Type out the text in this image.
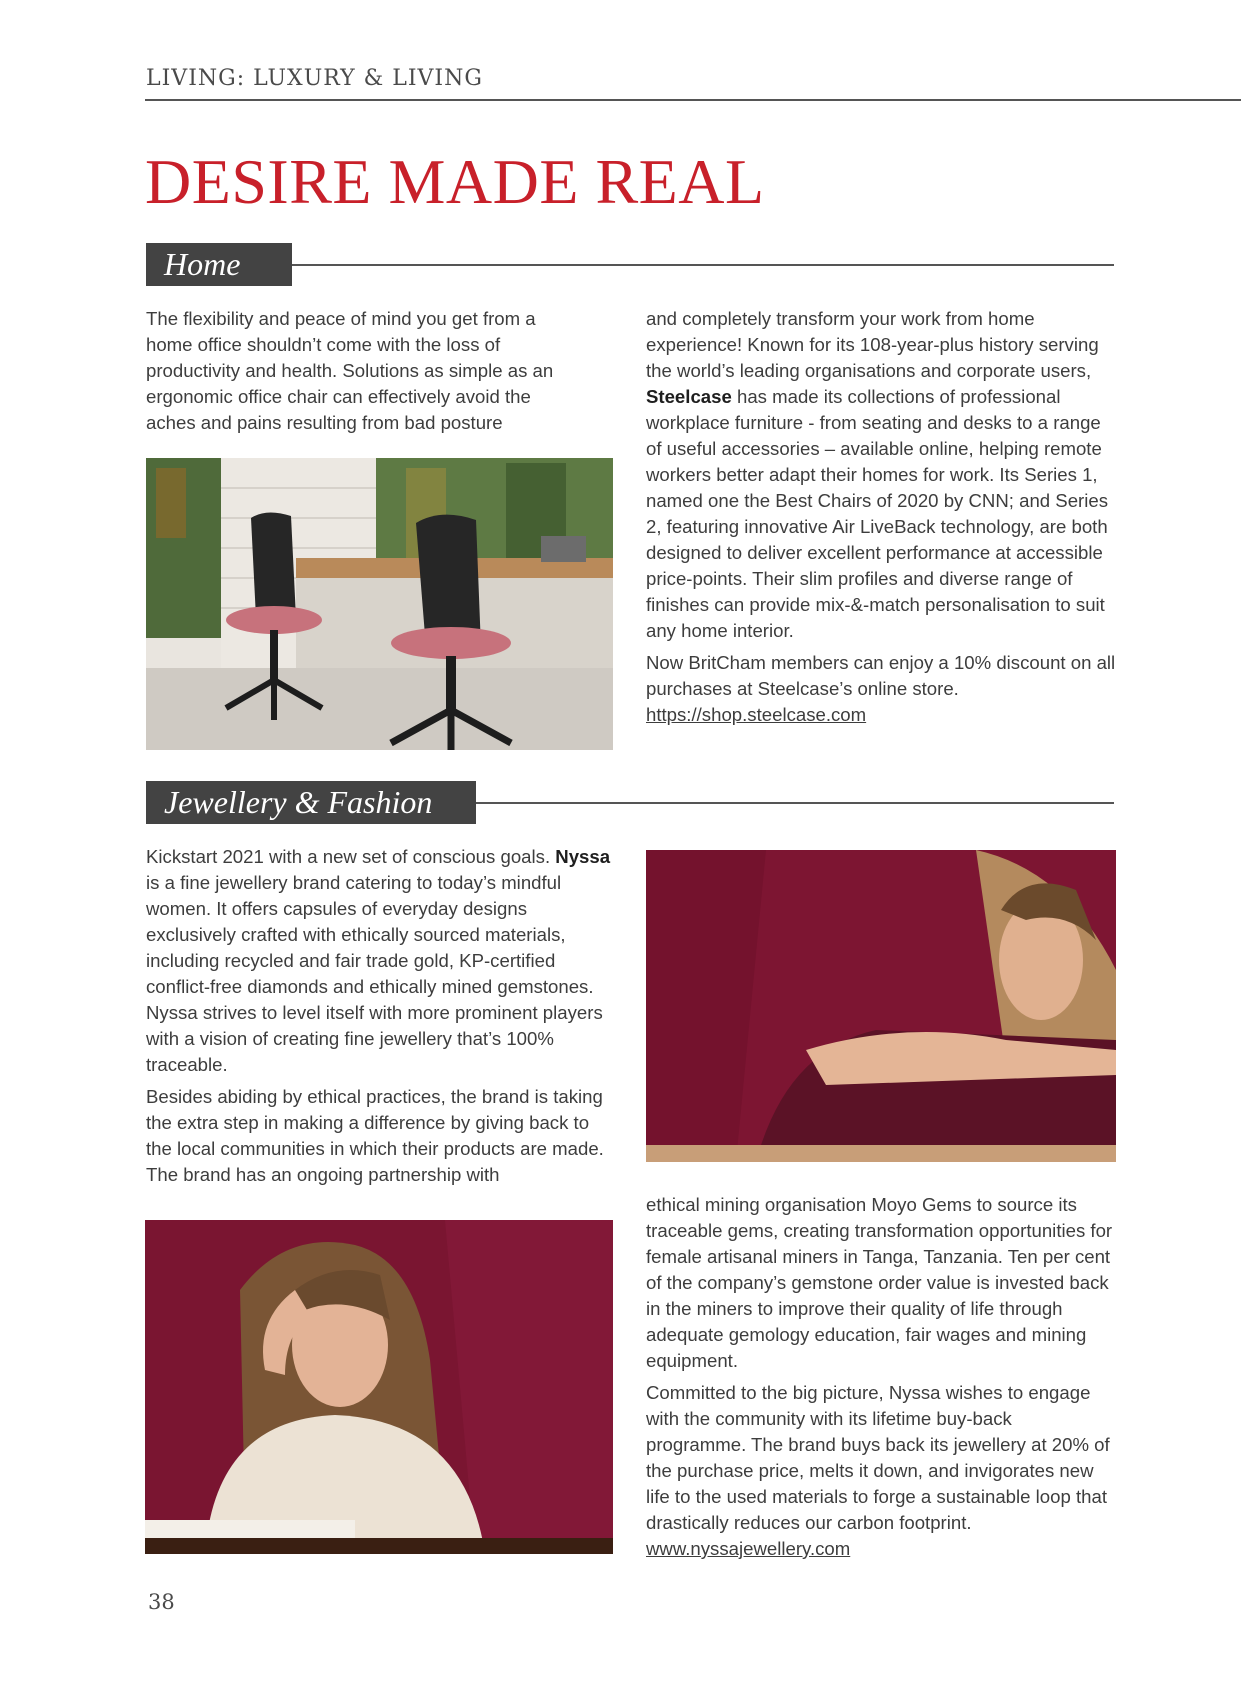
LIVING: LUXURY & LIVING
DESIRE MADE REAL
Home

The flexibility and peace of mind you get from a home office shouldn’t come with the loss of productivity and health. Solutions as simple as an ergonomic office chair can effectively avoid the aches and pains resulting from bad posture

and completely transform your work from home experience! Known for its 108-year-plus history serving the world’s leading organisations and corporate users, Steelcase has made its collections of professional workplace furniture - from seating and desks to a range of useful accessories – available online, helping remote workers better adapt their homes for work. Its Series 1, named one the Best Chairs of 2020 by CNN; and Series 2, featuring innovative Air LiveBack technology, are both designed to deliver excellent performance at accessible price-points. Their slim profiles and diverse range of finishes can provide mix-&-match personalisation to suit any home interior.

Now BritCham members can enjoy a 10% discount on all purchases at Steelcase’s online store.
https://shop.steelcase.com

Jewellery & Fashion

Kickstart 2021 with a new set of conscious goals. Nyssa is a fine jewellery brand catering to today’s mindful women. It offers capsules of everyday designs exclusively crafted with ethically sourced materials, including recycled and fair trade gold, KP-certified conflict-free diamonds and ethically mined gemstones. Nyssa strives to level itself with more prominent players with a vision of creating fine jewellery that’s 100% traceable.

Besides abiding by ethical practices, the brand is taking the extra step in making a difference by giving back to the local communities in which their products are made. The brand has an ongoing partnership with

ethical mining organisation Moyo Gems to source its traceable gems, creating transformation opportunities for female artisanal miners in Tanga, Tanzania. Ten per cent of the company’s gemstone order value is invested back in the miners to improve their quality of life through adequate gemology education, fair wages and mining equipment.

Committed to the big picture, Nyssa wishes to engage with the community with its lifetime buy-back programme. The brand buys back its jewellery at 20% of the purchase price, melts it down, and invigorates new life to the used materials to forge a sustainable loop that drastically reduces our carbon footprint.
www.nyssajewellery.com

38
